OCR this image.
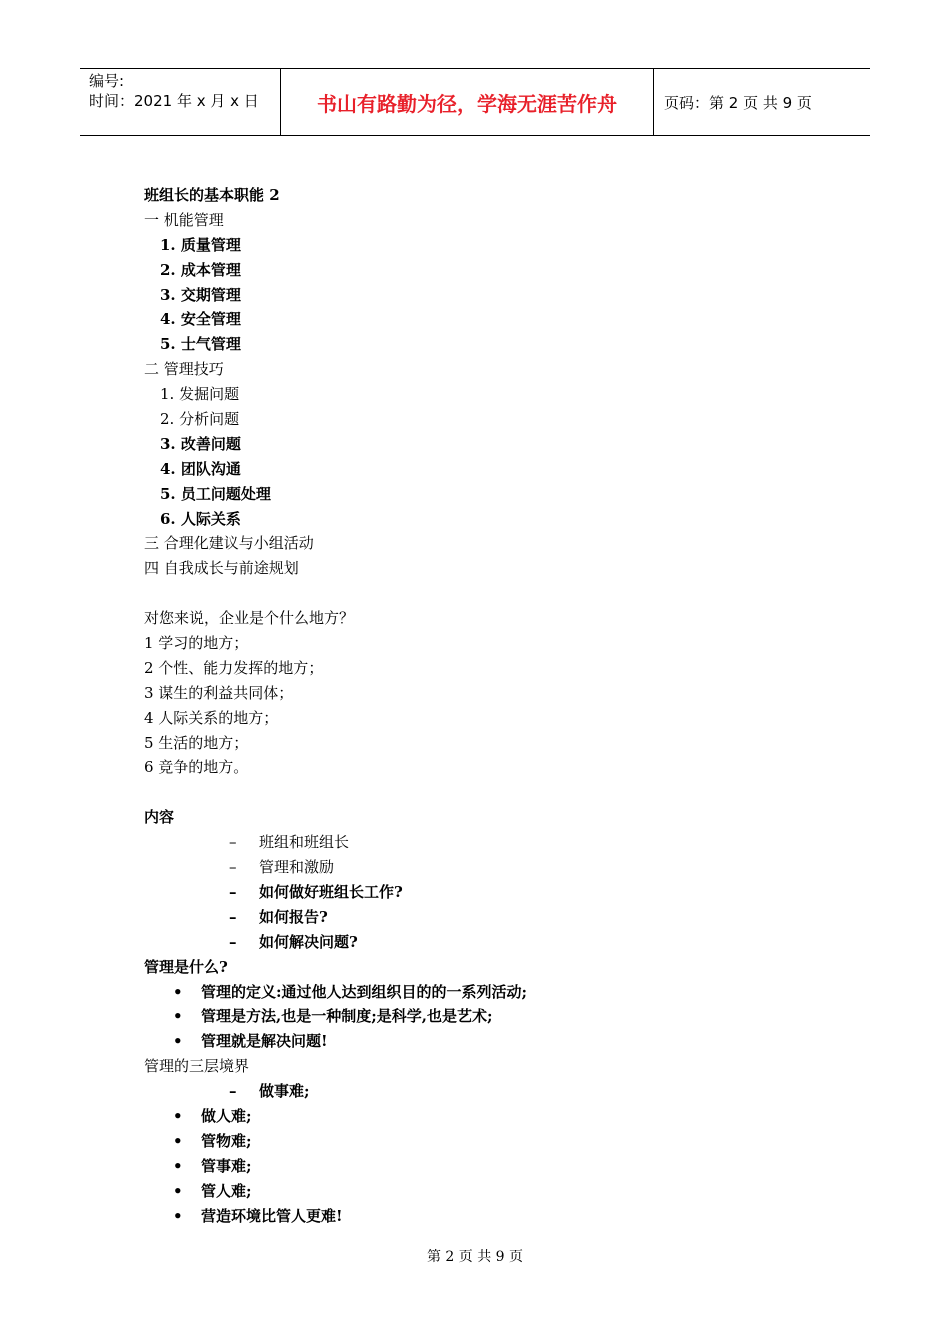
编号:
时间：2021 年 x 月 x 日	书山有路勤为径，学海无涯苦作舟	页码：第 2 页 共 9 页
班组长的基本职能 2
一 机能管理
1. 质量管理
2. 成本管理
3. 交期管理
4. 安全管理
5. 士气管理
二 管理技巧
1. 发掘问题
2. 分析问题
3. 改善问题
4. 团队沟通
5. 员工问题处理
6. 人际关系
三 合理化建议与小组活动
四 自我成长与前途规划
对您来说，企业是个什么地方？
1 学习的地方；
2 个性、能力发挥的地方；
3 谋生的利益共同体；
4 人际关系的地方；
5 生活的地方；
6 竞争的地方。
内容
– 班组和班组长
– 管理和激励
– 如何做好班组长工作?
– 如何报告?
– 如何解决问题?
管理是什么?
• 管理的定义:通过他人达到组织目的的一系列活动;
• 管理是方法,也是一种制度;是科学,也是艺术;
• 管理就是解决问题!
管理的三层境界
– 做事难;
• 做人难;
• 管物难;
• 管事难;
• 管人难;
• 营造环境比管人更难!
第 2 页 共 9 页
